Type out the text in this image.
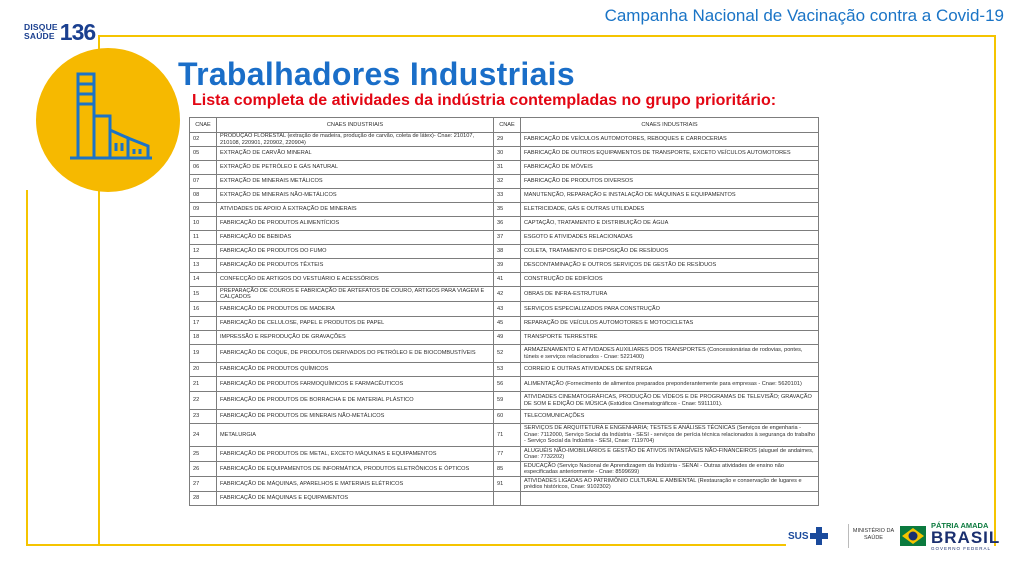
Campanha Nacional de Vacinação contra a Covid-19
DISQUE
SAÚDE 136
Trabalhadores Industriais
Lista completa de atividades da indústria contempladas no grupo prioritário:
CNAE	CNAES INDUSTRIAIS	CNAE	CNAES INDUSTRIAIS
02	PRODUÇÃO FLORESTAL (extração de madeira, produção de carvão, coleta de látex)- Cnae: 210107, 210108, 220901, 220902, 220904)	29	FABRICAÇÃO DE VEÍCULOS AUTOMOTORES, REBOQUES E CARROCERIAS
05	EXTRAÇÃO DE CARVÃO MINERAL	30	FABRICAÇÃO DE OUTROS EQUIPAMENTOS DE TRANSPORTE, EXCETO VEÍCULOS AUTOMOTORES
06	EXTRAÇÃO DE PETRÓLEO E GÁS NATURAL	31	FABRICAÇÃO DE MÓVEIS
07	EXTRAÇÃO DE MINERAIS METÁLICOS	32	FABRICAÇÃO DE PRODUTOS DIVERSOS
08	EXTRAÇÃO DE MINERAIS NÃO-METÁLICOS	33	MANUTENÇÃO, REPARAÇÃO E INSTALAÇÃO DE MÁQUINAS E EQUIPAMENTOS
09	ATIVIDADES DE APOIO À EXTRAÇÃO DE MINERAIS	35	ELETRICIDADE, GÁS E OUTRAS UTILIDADES
10	FABRICAÇÃO DE PRODUTOS ALIMENTÍCIOS	36	CAPTAÇÃO, TRATAMENTO E DISTRIBUIÇÃO DE ÁGUA
11	FABRICAÇÃO DE BEBIDAS	37	ESGOTO E ATIVIDADES RELACIONADAS
12	FABRICAÇÃO DE PRODUTOS DO FUMO	38	COLETA, TRATAMENTO E DISPOSIÇÃO DE RESÍDUOS
13	FABRICAÇÃO DE PRODUTOS TÊXTEIS	39	DESCONTAMINAÇÃO E OUTROS SERVIÇOS DE GESTÃO DE RESÍDUOS
14	CONFECÇÃO DE ARTIGOS DO VESTUÁRIO E ACESSÓRIOS	41	CONSTRUÇÃO DE EDIFÍCIOS
15	PREPARAÇÃO DE COUROS E FABRICAÇÃO DE ARTEFATOS DE COURO, ARTIGOS PARA VIAGEM E CALÇADOS	42	OBRAS DE INFRA-ESTRUTURA
16	FABRICAÇÃO DE PRODUTOS DE MADEIRA	43	SERVIÇOS ESPECIALIZADOS PARA CONSTRUÇÃO
17	FABRICAÇÃO DE CELULOSE, PAPEL E PRODUTOS DE PAPEL	45	REPARAÇÃO DE VEÍCULOS AUTOMOTORES E MOTOCICLETAS
18	IMPRESSÃO E REPRODUÇÃO DE GRAVAÇÕES	49	TRANSPORTE TERRESTRE
19	FABRICAÇÃO DE COQUE, DE PRODUTOS DERIVADOS DO PETRÓLEO E DE BIOCOMBUSTÍVEIS	52	ARMAZENAMENTO E ATIVIDADES AUXILIARES DOS TRANSPORTES (Concessionárias de rodovias, pontes, túneis e serviços relacionados - Cnae: 5221400)
20	FABRICAÇÃO DE PRODUTOS QUÍMICOS	53	CORREIO E OUTRAS ATIVIDADES DE ENTREGA
21	FABRICAÇÃO DE PRODUTOS FARMOQUÍMICOS E FARMACÊUTICOS	56	ALIMENTAÇÃO (Fornecimento de alimentos preparados preponderantemente para empresas - Cnae: 5620101)
22	FABRICAÇÃO DE PRODUTOS DE BORRACHA E DE MATERIAL PLÁSTICO	59	ATIVIDADES CINEMATOGRÁFICAS, PRODUÇÃO DE VÍDEOS E DE PROGRAMAS DE TELEVISÃO; GRAVAÇÃO DE SOM E EDIÇÃO DE MÚSICA (Estúdios Cinematográficos - Cnae: 5911101).
23	FABRICAÇÃO DE PRODUTOS DE MINERAIS NÃO-METÁLICOS	60	TELECOMUNICAÇÕES
24	METALURGIA	71	SERVIÇOS DE ARQUITETURA E ENGENHARIA; TESTES E ANÁLISES TÉCNICAS (Serviços de engenharia - Cnae: 7112000, Serviço Social da Indústria - SESI - serviços de perícia técnica relacionados à segurança do trabalho - Serviço Social da Indústria - SESI, Cnae: 7119704)
25	FABRICAÇÃO DE PRODUTOS DE METAL, EXCETO MÁQUINAS E EQUIPAMENTOS	77	ALUGUÉIS NÃO-IMOBILIÁRIOS E GESTÃO DE ATIVOS INTANGÍVEIS NÃO-FINANCEIROS (aluguel de andaimes, Cnae: 7732202)
26	FABRICAÇÃO DE EQUIPAMENTOS DE INFORMÁTICA, PRODUTOS ELETRÔNICOS E ÓPTICOS	85	EDUCAÇÃO (Serviço Nacional de Aprendizagem da Indústria - SENAI - Outras atividades de ensino não especificadas anteriormente - Cnae: 8599699)
27	FABRICAÇÃO DE MÁQUINAS, APARELHOS E MATERIAIS ELÉTRICOS	91	ATIVIDADES LIGADAS AO PATRIMÔNIO CULTURAL E AMBIENTAL (Restauração e conservação de lugares e prédios históricos, Cnae: 9102302)
28	FABRICAÇÃO DE MÁQUINAS E EQUIPAMENTOS		
SUS	MINISTÉRIO DA
SAÚDE
PÁTRIA AMADA
BRASIL
GOVERNO FEDERAL
